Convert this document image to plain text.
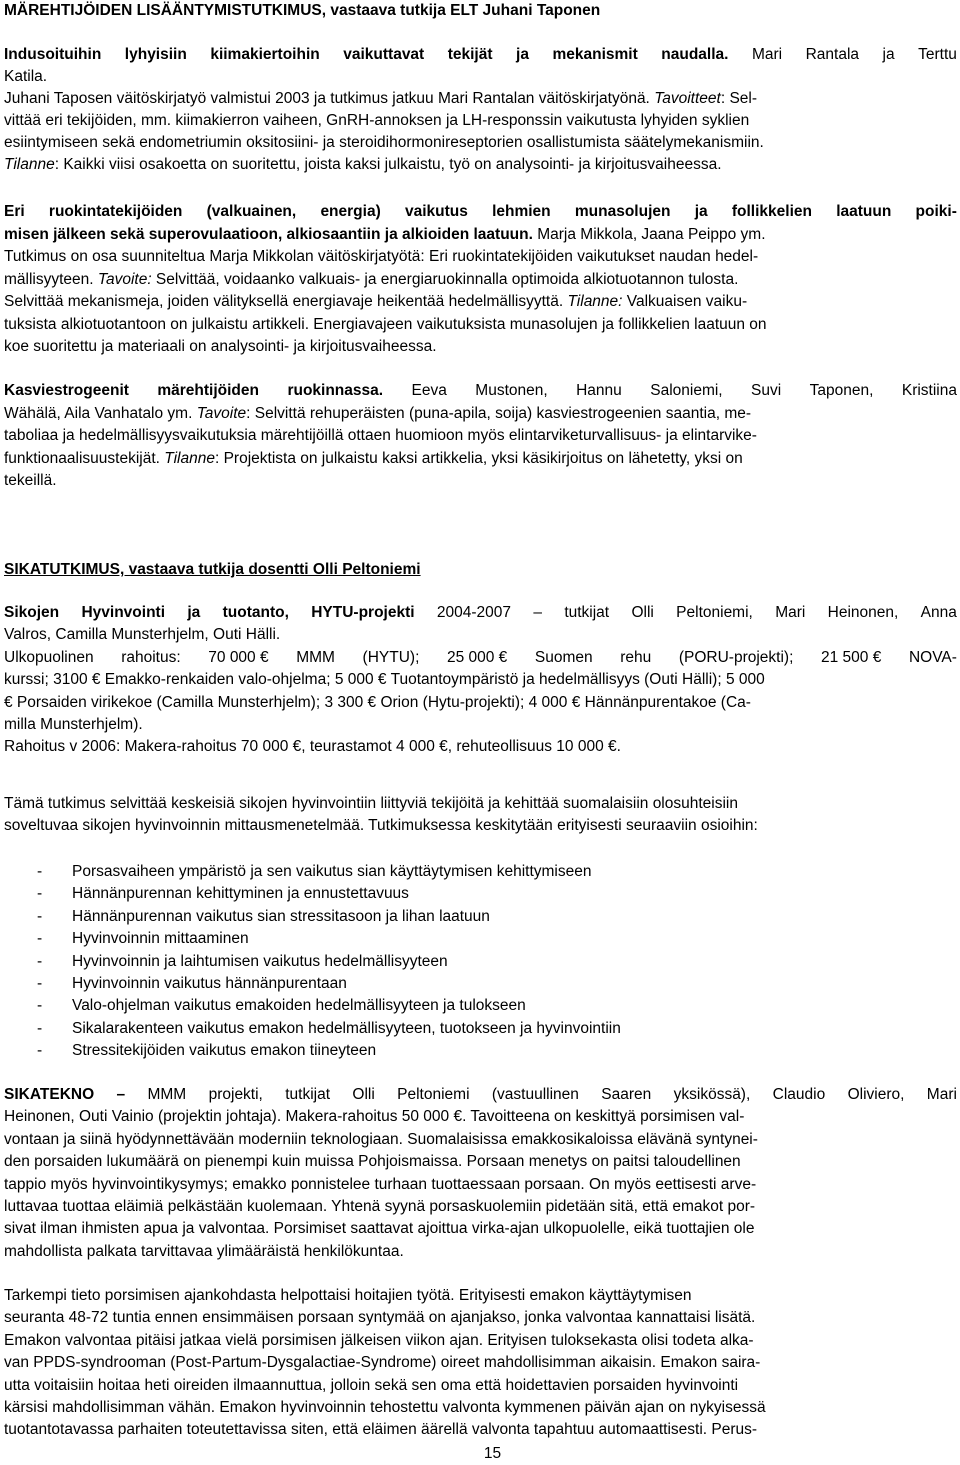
MÄREHTIJÖIDEN LISÄÄNTYMISTUTKIMUS, vastaava tutkija ELT Juhani Taponen
Indusoituihin lyhyisiin kiimakiertoihin vaikuttavat tekijät ja mekanismit naudalla. Mari Rantala ja Terttu
Katila.
Juhani Taposen väitöskirjatyö valmistui 2003 ja tutkimus jatkuu Mari Rantalan väitöskirjatyönä. Tavoitteet: Sel-
vittää eri tekijöiden, mm. kiimakierron vaiheen, GnRH-annoksen ja LH-responssin vaikutusta lyhyiden syklien
esiintymiseen sekä endometriumin oksitosiini- ja steroidihormonireseptorien osallistumista säätelymekanismiin.
Tilanne: Kaikki viisi osakoetta on suoritettu, joista kaksi julkaistu, työ on analysointi- ja kirjoitusvaiheessa.
Eri ruokintatekijöiden (valkuainen, energia) vaikutus lehmien munasolujen ja follikkelien laatuun poiki-
misen jälkeen sekä superovulaatioon, alkiosaantiin ja alkioiden laatuun. Marja Mikkola, Jaana Peippo ym.
Tutkimus on osa suunniteltua Marja Mikkolan väitöskirjatyötä: Eri ruokintatekijöiden vaikutukset naudan hedel-
mällisyyteen. Tavoite: Selvittää, voidaanko valkuais- ja energiaruokinnalla optimoida alkiotuotannon tulosta.
Selvittää mekanismeja, joiden välityksellä energiavaje heikentää hedelmällisyyttä. Tilanne: Valkuaisen vaiku-
tuksista alkiotuotantoon on julkaistu artikkeli. Energiavajeen vaikutuksista munasolujen ja follikkelien laatuun on
koe suoritettu ja materiaali on analysointi- ja kirjoitusvaiheessa.
Kasviestrogeenit märehtijöiden ruokinnassa. Eeva Mustonen, Hannu Saloniemi, Suvi Taponen, Kristiina
Wähälä, Aila Vanhatalo ym. Tavoite: Selvittä rehuperäisten (puna-apila, soija) kasviestrogeenien saantia, me-
taboliaa ja hedelmällisyysvaikutuksia märehtijöillä ottaen huomioon myös elintarviketurvallisuus- ja elintarvike-
funktionaalisuustekijät. Tilanne: Projektista on julkaistu kaksi artikkelia, yksi käsikirjoitus on lähetetty, yksi on
tekeillä.
SIKATUTKIMUS, vastaava tutkija dosentti Olli Peltoniemi
Sikojen Hyvinvointi ja tuotanto, HYTU-projekti 2004-2007 – tutkijat Olli Peltoniemi, Mari Heinonen, Anna
Valros, Camilla Munsterhjelm, Outi Hälli.
Ulkopuolinen rahoitus: 70 000 € MMM (HYTU); 25 000 € Suomen rehu (PORU-projekti); 21 500 € NOVA-
kurssi; 3100 € Emakko-renkaiden valo-ohjelma; 5 000 € Tuotantoympäristö ja hedelmällisyys (Outi Hälli); 5 000
€ Porsaiden virikekoe (Camilla Munsterhjelm); 3 300 € Orion (Hytu-projekti); 4 000 € Hännänpurentakoe (Ca-
milla Munsterhjelm).
Rahoitus v 2006: Makera-rahoitus 70 000 €, teurastamot 4 000 €, rehuteollisuus 10 000 €.
Tämä tutkimus selvittää keskeisiä sikojen hyvinvointiin liittyviä tekijöitä ja kehittää suomalaisiin olosuhteisiin
soveltuvaa sikojen hyvinvoinnin mittausmenetelmää. Tutkimuksessa keskitytään erityisesti seuraaviin osioihin:
- Porsasvaiheen ympäristö ja sen vaikutus sian käyttäytymisen kehittymiseen
- Hännänpurennan kehittyminen ja ennustettavuus
- Hännänpurennan vaikutus sian stressitasoon ja lihan laatuun
- Hyvinvoinnin mittaaminen
- Hyvinvoinnin ja laihtumisen vaikutus hedelmällisyyteen
- Hyvinvoinnin vaikutus hännänpurentaan
- Valo-ohjelman vaikutus emakoiden hedelmällisyyteen ja tulokseen
- Sikalarakenteen vaikutus emakon hedelmällisyyteen, tuotokseen ja hyvinvointiin
- Stressitekijöiden vaikutus emakon tiineyteen
SIKATEKNO – MMM projekti, tutkijat Olli Peltoniemi (vastuullinen Saaren yksikössä), Claudio Oliviero, Mari
Heinonen, Outi Vainio (projektin johtaja). Makera-rahoitus 50 000 €. Tavoitteena on keskittyä porsimisen val-
vontaan ja siinä hyödynnettävään moderniin teknologiaan. Suomalaisissa emakkosikaloissa elävänä syntynei-
den porsaiden lukumäärä on pienempi kuin muissa Pohjoismaissa. Porsaan menetys on paitsi taloudellinen
tappio myös hyvinvointikysymys; emakko ponnistelee turhaan tuottaessaan porsaan. On myös eettisesti arve-
luttavaa tuottaa eläimiä pelkästään kuolemaan. Yhtenä syynä porsaskuolemiin pidetään sitä, että emakot por-
sivat ilman ihmisten apua ja valvontaa. Porsimiset saattavat ajoittua virka-ajan ulkopuolelle, eikä tuottajien ole
mahdollista palkata tarvittavaa ylimääräistä henkilökuntaa.
Tarkempi tieto porsimisen ajankohdasta helpottaisi hoitajien työtä. Erityisesti emakon käyttäytymisen
seuranta 48-72 tuntia ennen ensimmäisen porsaan syntymää on ajanjakso, jonka valvontaa kannattaisi lisätä.
Emakon valvontaa pitäisi jatkaa vielä porsimisen jälkeisen viikon ajan. Erityisen tuloksekasta olisi todeta alka-
van PPDS-syndrooman (Post-Partum-Dysgalactiae-Syndrome) oireet mahdollisimman aikaisin. Emakon saira-
utta voitaisiin hoitaa heti oireiden ilmaannuttua, jolloin sekä sen oma että hoidettavien porsaiden hyvinvointi
kärsisi mahdollisimman vähän. Emakon hyvinvoinnin tehostettu valvonta kymmenen päivän ajan on nykyisessä
tuotantotavassa parhaiten toteutettavissa siten, että eläimen äärellä valvonta tapahtuu automaattisesti. Perus-
15
